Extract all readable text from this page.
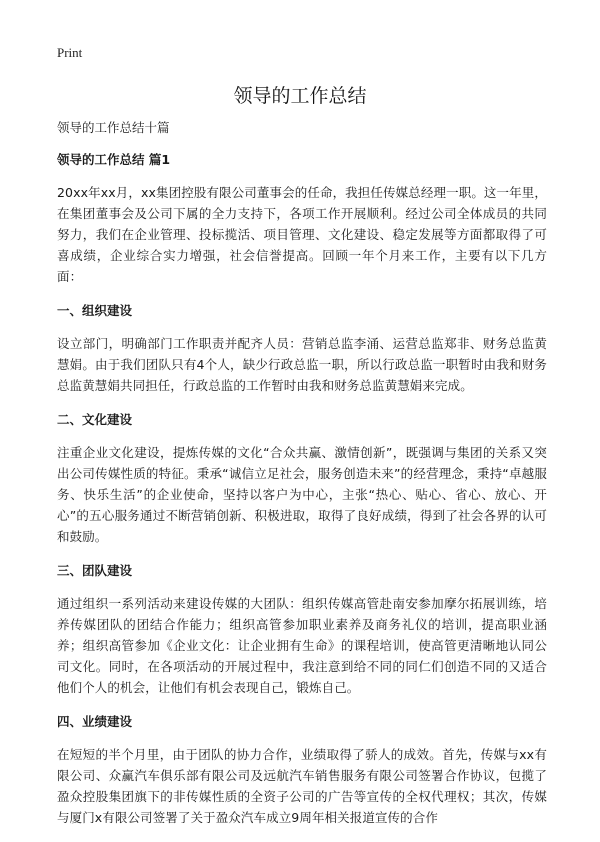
Print
领导的工作总结

领导的工作总结十篇

领导的工作总结 篇1

20xx年xx月，xx集团控股有限公司董事会的任命，我担任传媒总经理一职。这一年里，在集团董事会及公司下属的全力支持下，各项工作开展顺利。经过公司全体成员的共同努力，我们在企业管理、投标揽活、项目管理、文化建设、稳定发展等方面都取得了可喜成绩，企业综合实力增强，社会信誉提高。回顾一年个月来工作，主要有以下几方面：

一、组织建设

设立部门，明确部门工作职责并配齐人员：营销总监李涌、运营总监郑非、财务总监黄慧娟。由于我们团队只有4个人，缺少行政总监一职，所以行政总监一职暂时由我和财务总监黄慧娟共同担任，行政总监的工作暂时由我和财务总监黄慧娟来完成。

二、文化建设

注重企业文化建设，提炼传媒的文化“合众共赢、激情创新”，既强调与集团的关系又突出公司传媒性质的特征。秉承“诚信立足社会，服务创造未来”的经营理念，秉持“卓越服务、快乐生活”的企业使命，坚持以客户为中心，主张“热心、贴心、省心、放心、开心”的五心服务通过不断营销创新、积极进取，取得了良好成绩，得到了社会各界的认可和鼓励。

三、团队建设

通过组织一系列活动来建设传媒的大团队：组织传媒高管赴南安参加摩尔拓展训练，培养传媒团队的团结合作能力；组织高管参加职业素养及商务礼仪的培训，提高职业涵养；组织高管参加《企业文化：让企业拥有生命》的课程培训，使高管更清晰地认同公司文化。同时，在各项活动的开展过程中，我注意到给不同的同仁们创造不同的又适合他们个人的机会，让他们有机会表现自己，锻炼自己。

四、业绩建设

在短短的半个月里，由于团队的协力合作，业绩取得了骄人的成效。首先，传媒与xx有限公司、众赢汽车俱乐部有限公司及远航汽车销售服务有限公司签署合作协议，包揽了盈众控股集团旗下的非传媒性质的全资子公司的广告等宣传的全权代理权；其次，传媒与厦门x有限公司签署了关于盈众汽车成立9周年相关报道宣传的合作
